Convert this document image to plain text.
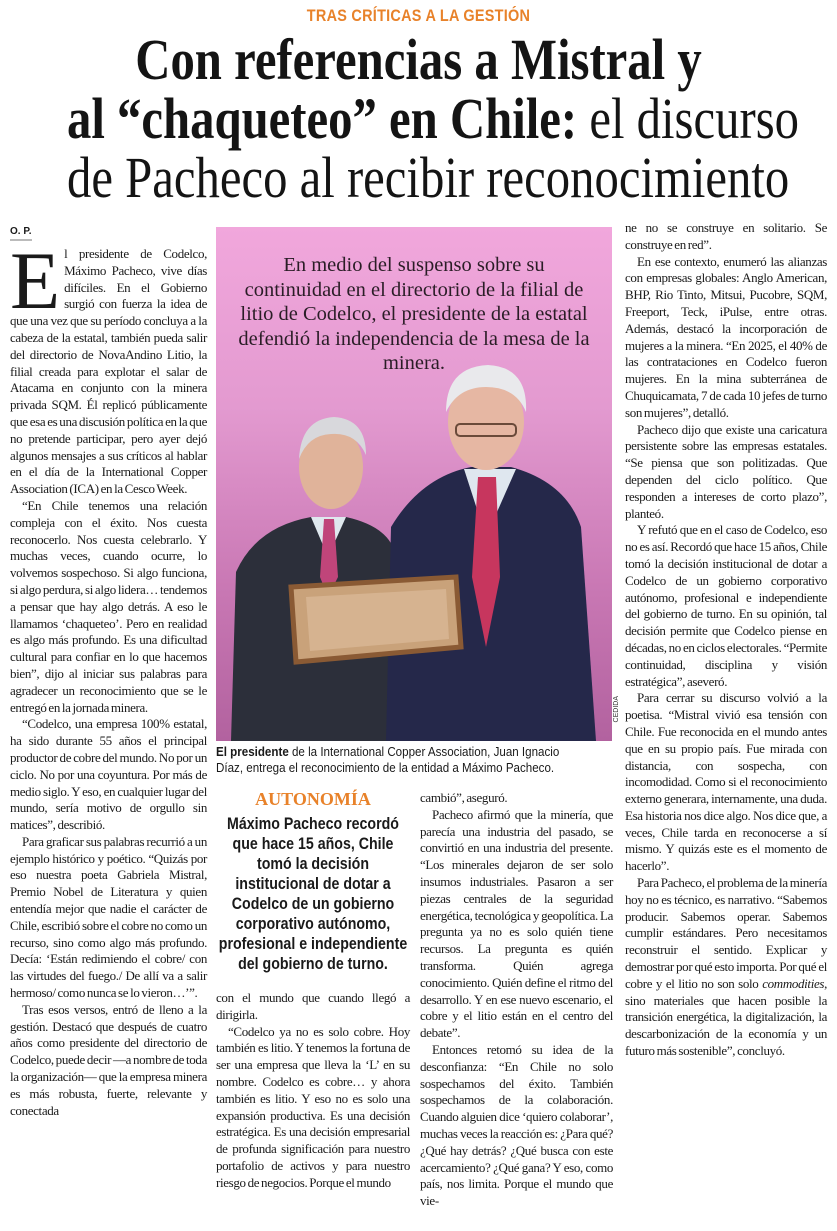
TRAS CRÍTICAS A LA GESTIÓN
Con referencias a Mistral y
al “chaqueteo” en Chile: el discurso
de Pacheco al recibir reconocimiento
O. P.

El presidente de Codelco, Máximo Pacheco, vive días difíciles. En el Gobierno surgió con fuerza la idea de que una vez que su período concluya a la cabeza de la estatal, también pueda salir del directorio de NovaAndino Litio, la filial creada para explotar el salar de Atacama en conjunto con la minera privada SQM. Él replicó públicamente que esa es una discusión política en la que no pretende participar, pero ayer dejó algunos mensajes a sus críticos al hablar en el día de la International Copper Association (ICA) en la Cesco Week.

“En Chile tenemos una relación compleja con el éxito. Nos cuesta reconocerlo. Nos cuesta celebrarlo. Y muchas veces, cuando ocurre, lo volvemos sospechoso. Si algo funciona, si algo perdura, si algo lidera… tendemos a pensar que hay algo detrás. A eso le llamamos ‘chaqueteo’. Pero en realidad es algo más profundo. Es una dificultad cultural para confiar en lo que hacemos bien”, dijo al iniciar sus palabras para agradecer un reconocimiento que se le entregó en la jornada minera.

“Codelco, una empresa 100% estatal, ha sido durante 55 años el principal productor de cobre del mundo. No por un ciclo. No por una coyuntura. Por más de medio siglo. Y eso, en cualquier lugar del mundo, sería motivo de orgullo sin matices”, describió.

Para graficar sus palabras recurrió a un ejemplo histórico y poético. “Quizás por eso nuestra poeta Gabriela Mistral, Premio Nobel de Literatura y quien entendía mejor que nadie el carácter de Chile, escribió sobre el cobre no como un recurso, sino como algo más profundo. Decía: ‘Están redimiendo el cobre/ con las virtudes del fuego./ De allí va a salir hermoso/ como nunca se lo vieron…’”.

Tras esos versos, entró de lleno a la gestión. Destacó que después de cuatro años como presidente del directorio de Codelco, puede decir —a nombre de toda la organización— que la empresa minera es más robusta, fuerte, relevante y conectada

En medio del suspenso sobre su continuidad en el directorio de la filial de litio de Codelco, el presidente de la estatal defendió la independencia de la mesa de la minera.
CEDIDA
El presidente de la International Copper Association, Juan Ignacio Díaz, entrega el reconocimiento de la entidad a Máximo Pacheco.
AUTONOMÍA
Máximo Pacheco recordó que hace 15 años, Chile tomó la decisión institucional de dotar a Codelco de un gobierno corporativo autónomo, profesional e independiente del gobierno de turno.

con el mundo que cuando llegó a dirigirla.

“Codelco ya no es solo cobre. Hoy también es litio. Y tenemos la fortuna de ser una empresa que lleva la ‘L’ en su nombre. Codelco es cobre… y ahora también es litio. Y eso no es solo una expansión productiva. Es una decisión estratégica. Es una decisión empresarial de profunda significación para nuestro portafolio de activos y para nuestro riesgo de negocios. Porque el mundo

cambió”, aseguró.

Pacheco afirmó que la minería, que parecía una industria del pasado, se convirtió en una industria del presente. “Los minerales dejaron de ser solo insumos industriales. Pasaron a ser piezas centrales de la seguridad energética, tecnológica y geopolítica. La pregunta ya no es solo quién tiene recursos. La pregunta es quién transforma. Quién agrega conocimiento. Quién define el ritmo del desarrollo. Y en ese nuevo escenario, el cobre y el litio están en el centro del debate”.

Entonces retomó su idea de la desconfianza: “En Chile no solo sospechamos del éxito. También sospechamos de la colaboración. Cuando alguien dice ‘quiero colaborar’, muchas veces la reacción es: ¿Para qué? ¿Qué hay detrás? ¿Qué busca con este acercamiento? ¿Qué gana? Y eso, como país, nos limita. Porque el mundo que vie-

ne no se construye en solitario. Se construye en red”.

En ese contexto, enumeró las alianzas con empresas globales: Anglo American, BHP, Rio Tinto, Mitsui, Pucobre, SQM, Freeport, Teck, iPulse, entre otras. Además, destacó la incorporación de mujeres a la minera. “En 2025, el 40% de las contrataciones en Codelco fueron mujeres. En la mina subterránea de Chuquicamata, 7 de cada 10 jefes de turno son mujeres”, detalló.

Pacheco dijo que existe una caricatura persistente sobre las empresas estatales. “Se piensa que son politizadas. Que dependen del ciclo político. Que responden a intereses de corto plazo”, planteó.

Y refutó que en el caso de Codelco, eso no es así. Recordó que hace 15 años, Chile tomó la decisión institucional de dotar a Codelco de un gobierno corporativo autónomo, profesional e independiente del gobierno de turno. En su opinión, tal decisión permite que Codelco piense en décadas, no en ciclos electorales. “Permite continuidad, disciplina y visión estratégica”, aseveró.

Para cerrar su discurso volvió a la poetisa. “Mistral vivió esa tensión con Chile. Fue reconocida en el mundo antes que en su propio país. Fue mirada con distancia, con sospecha, con incomodidad. Como si el reconocimiento externo generara, internamente, una duda. Esa historia nos dice algo. Nos dice que, a veces, Chile tarda en reconocerse a sí mismo. Y quizás este es el momento de hacerlo”.

Para Pacheco, el problema de la minería hoy no es técnico, es narrativo. “Sabemos producir. Sabemos operar. Sabemos cumplir estándares. Pero necesitamos reconstruir el sentido. Explicar y demostrar por qué esto importa. Por qué el cobre y el litio no son solo commodities, sino materiales que hacen posible la transición energética, la digitalización, la descarbonización de la economía y un futuro más sostenible”, concluyó.
